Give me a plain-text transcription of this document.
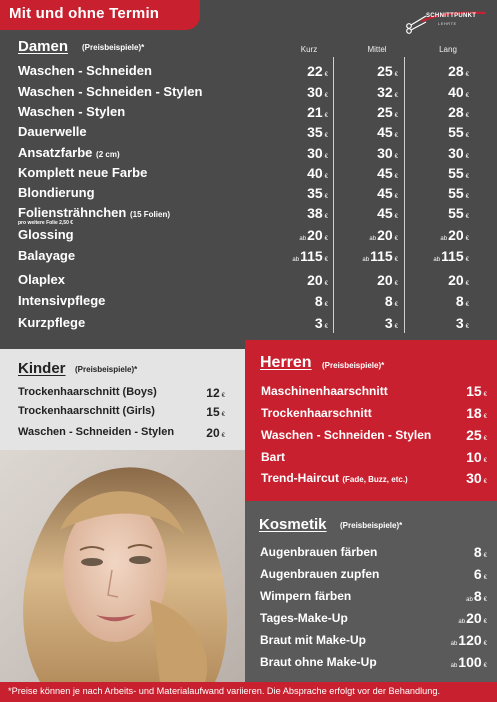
Mit und ohne Termin	SCHNITTPUNKT
LEHRTE
Damen (Preisbeispiele)*	Kurz	Mittel	Lang
Waschen - Schneiden	22 €	25 €	28 €
Waschen - Schneiden - Stylen	30 €	32 €	40 €
Waschen - Stylen	21 €	25 €	28 €
Dauerwelle	35 €	45 €	55 €
Ansatzfarbe (2 cm)	30 €	30 €	30 €
Komplett neue Farbe	40 €	45 €	55 €
Blondierung	35 €	45 €	55 €
Foliensträhnchen (15 Folien)	38 €	45 €	55 €
pro weitere Folie 2,50 €
Glossing	ab20 €	ab20 €	ab20 €
Balayage	ab115 €	ab115 €	ab115 €
Olaplex	20 €	20 €	20 €
Intensivpflege	8 €	8 €	8 €
Kurzpflege	3 €	3 €	3 €
Kinder (Preisbeispiele)*
Trockenhaarschnitt (Boys)	12 €
Trockenhaarschnitt (Girls)	15 €
Waschen - Schneiden - Stylen	20 €
Herren (Preisbeispiele)*
Maschinenhaarschnitt	15 €
Trockenhaarschnitt	18 €
Waschen - Schneiden - Stylen	25 €
Bart	10 €
Trend-Haircut (Fade, Buzz, etc.)	30 €
Kosmetik (Preisbeispiele)*
Augenbrauen färben	8 €
Augenbrauen zupfen	6 €
Wimpern färben	ab8 €
Tages-Make-Up	ab20 €
Braut mit Make-Up	ab120 €
Braut ohne Make-Up	ab100 €
*Preise können je nach Arbeits- und Materialaufwand variieren. Die Absprache erfolgt vor der Behandlung.
